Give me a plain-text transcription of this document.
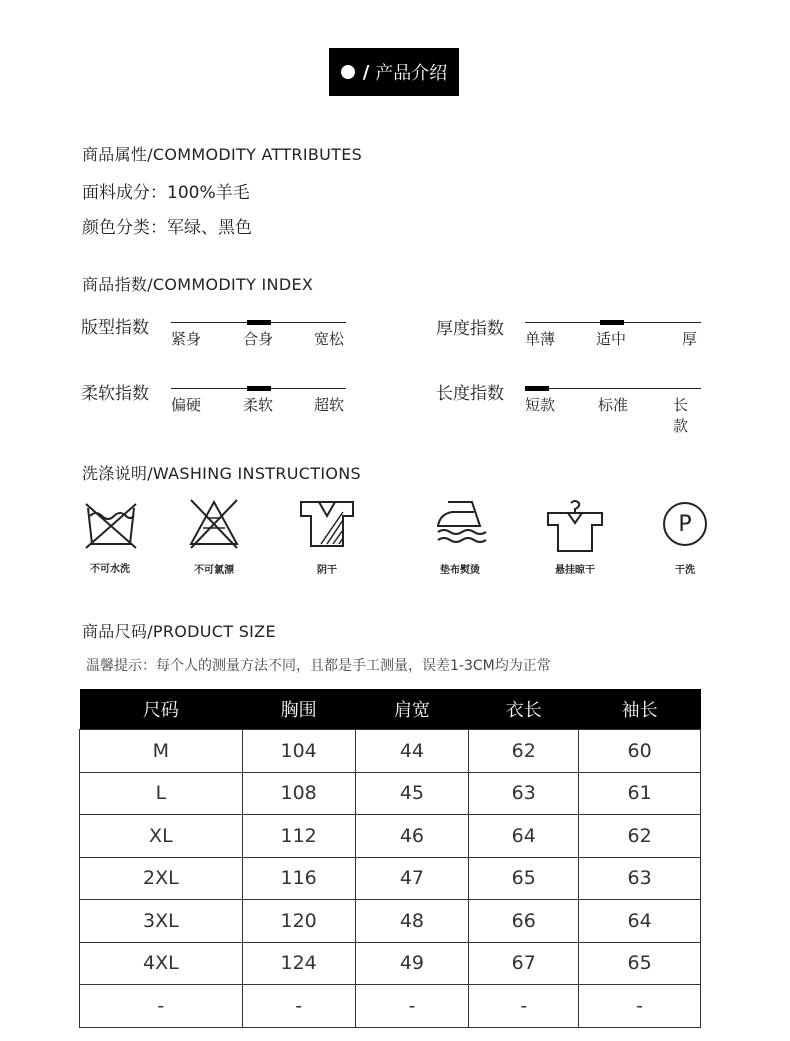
/ 产品介绍
商品属性/COMMODITY ATTRIBUTES
面料成分：100%羊毛
颜色分类：军绿、黑色
商品指数/COMMODITY INDEX
版型指数
紧身	合身	宽松	厚度指数 单薄	适中	厚
柔软指数
偏硬	柔软	超软
长度指数
短款	标准	长款
洗涤说明/WASHING INSTRUCTIONS
不可水洗	不可氯漂	阴干	垫布熨烫	悬挂晾干
P
干洗
商品尺码/PRODUCT SIZE
温馨提示：每个人的测量方法不同，且都是手工测量，误差1-3CM均为正常
尺码	胸围	肩宽	衣长	袖长
M	104	44	62	60
L	108	45	63	61
XL	112	46	64	62
2XL	116	47	65	63
3XL	120	48	66	64
4XL	124	49	67	65
-	-	-	-	-
